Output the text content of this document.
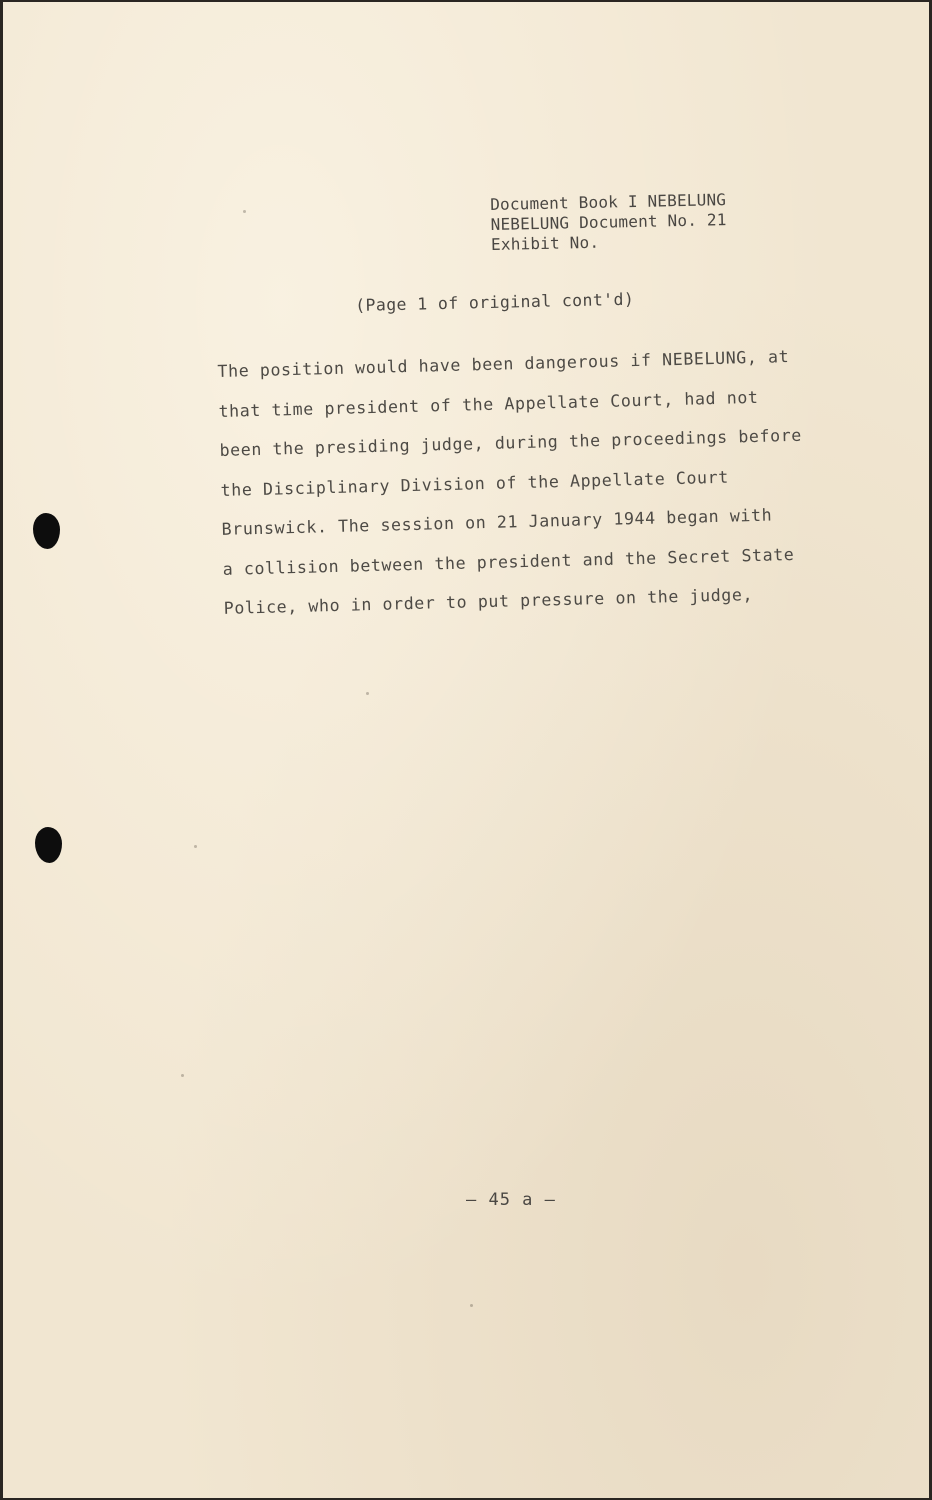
Document Book I NEBELUNG
NEBELUNG Document No. 21
Exhibit No.
(Page 1 of original cont'd)
The position would have been dangerous if NEBELUNG, at
that time president of the Appellate Court, had not
been the presiding judge, during the proceedings before
the Disciplinary Division of the Appellate Court
Brunswick. The session on 21 January 1944 began with
a collision between the president and the Secret State
Police, who in order to put pressure on the judge,
– 45 a –
